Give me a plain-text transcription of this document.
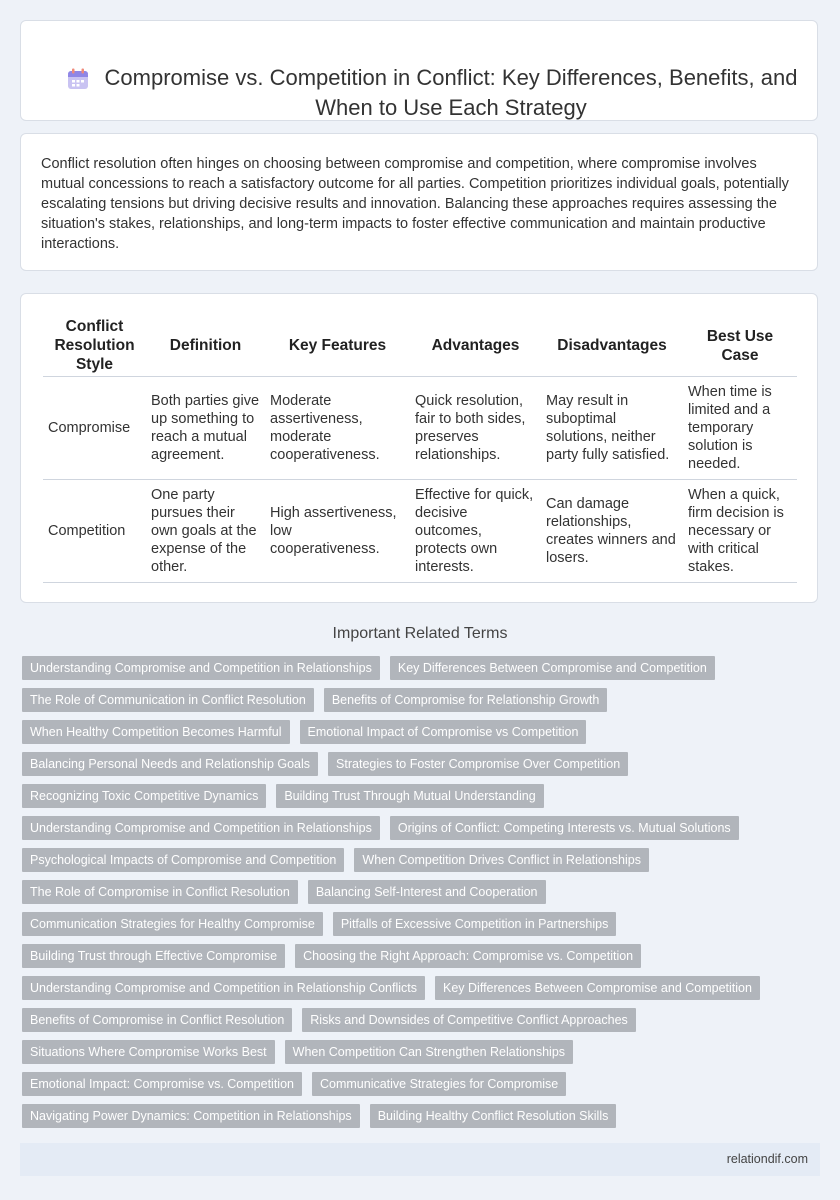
Compromise vs. Competition in Conflict: Key Differences, Benefits, and When to Use Each Strategy
Conflict resolution often hinges on choosing between compromise and competition, where compromise involves mutual concessions to reach a satisfactory outcome for all parties. Competition prioritizes individual goals, potentially escalating tensions but driving decisive results and innovation. Balancing these approaches requires assessing the situation's stakes, relationships, and long-term impacts to foster effective communication and maintain productive interactions.
Conflict Resolution Style	Definition	Key Features	Advantages	Disadvantages	Best Use Case
Compromise	Both parties give up something to reach a mutual agreement.	Moderate assertiveness, moderate cooperativeness.	Quick resolution, fair to both sides, preserves relationships.	May result in suboptimal solutions, neither party fully satisfied.	When time is limited and a temporary solution is needed.
Competition	One party pursues their own goals at the expense of the other.	High assertiveness, low cooperativeness.	Effective for quick, decisive outcomes, protects own interests.	Can damage relationships, creates winners and losers.	When a quick, firm decision is necessary or with critical stakes.
Important Related Terms
Understanding Compromise and Competition in Relationships	Key Differences Between Compromise and Competition
The Role of Communication in Conflict Resolution	Benefits of Compromise for Relationship Growth
When Healthy Competition Becomes Harmful	Emotional Impact of Compromise vs Competition
Balancing Personal Needs and Relationship Goals	Strategies to Foster Compromise Over Competition
Recognizing Toxic Competitive Dynamics	Building Trust Through Mutual Understanding
Understanding Compromise and Competition in Relationships	Origins of Conflict: Competing Interests vs. Mutual Solutions
Psychological Impacts of Compromise and Competition	When Competition Drives Conflict in Relationships
The Role of Compromise in Conflict Resolution	Balancing Self-Interest and Cooperation
Communication Strategies for Healthy Compromise	Pitfalls of Excessive Competition in Partnerships
Building Trust through Effective Compromise	Choosing the Right Approach: Compromise vs. Competition
Understanding Compromise and Competition in Relationship Conflicts	Key Differences Between Compromise and Competition
Benefits of Compromise in Conflict Resolution	Risks and Downsides of Competitive Conflict Approaches
Situations Where Compromise Works Best	When Competition Can Strengthen Relationships
Emotional Impact: Compromise vs. Competition	Communicative Strategies for Compromise
Navigating Power Dynamics: Competition in Relationships	Building Healthy Conflict Resolution Skills
relationdif.com
